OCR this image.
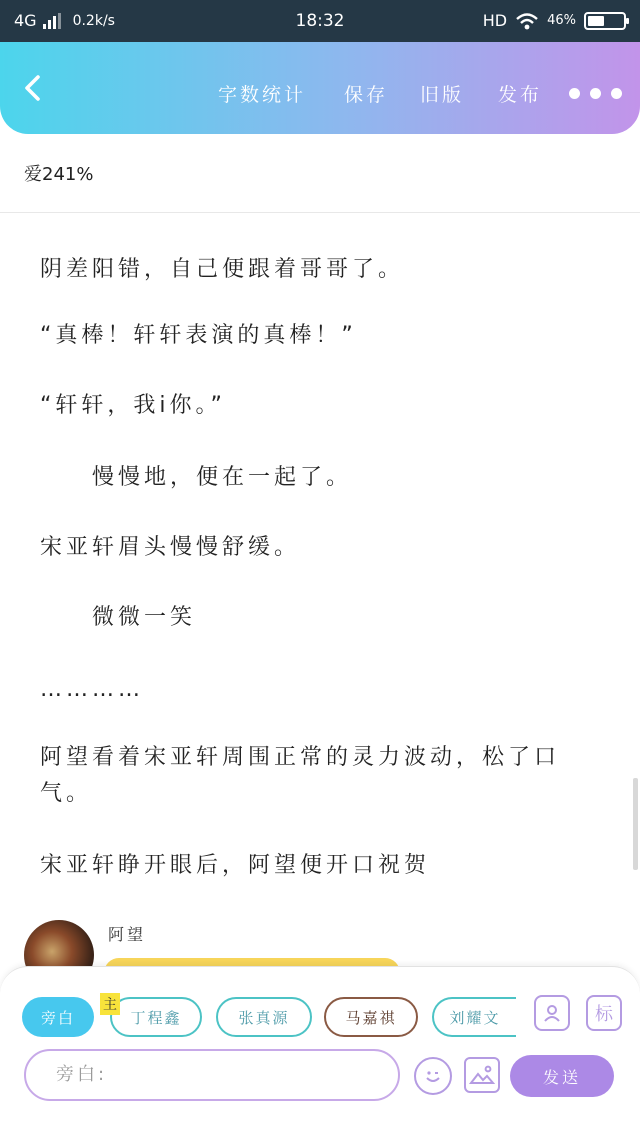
4G	0.2k/s	18:32	HD	46%
字数统计 保存 旧版 发布
爱241%
阴差阳错，自己便跟着哥哥了。
“真棒！轩轩表演的真棒！”
“轩轩，我i你。”
　　慢慢地，便在一起了。
宋亚轩眉头慢慢舒缓。
　　微微一笑
…………
阿望看着宋亚轩周围正常的灵力波动，松了口气。
宋亚轩睁开眼后，阿望便开口祝贺
阿望
旁白	丁程鑫	张真源	马嘉祺	刘耀文	标
旁白:
发送
主
